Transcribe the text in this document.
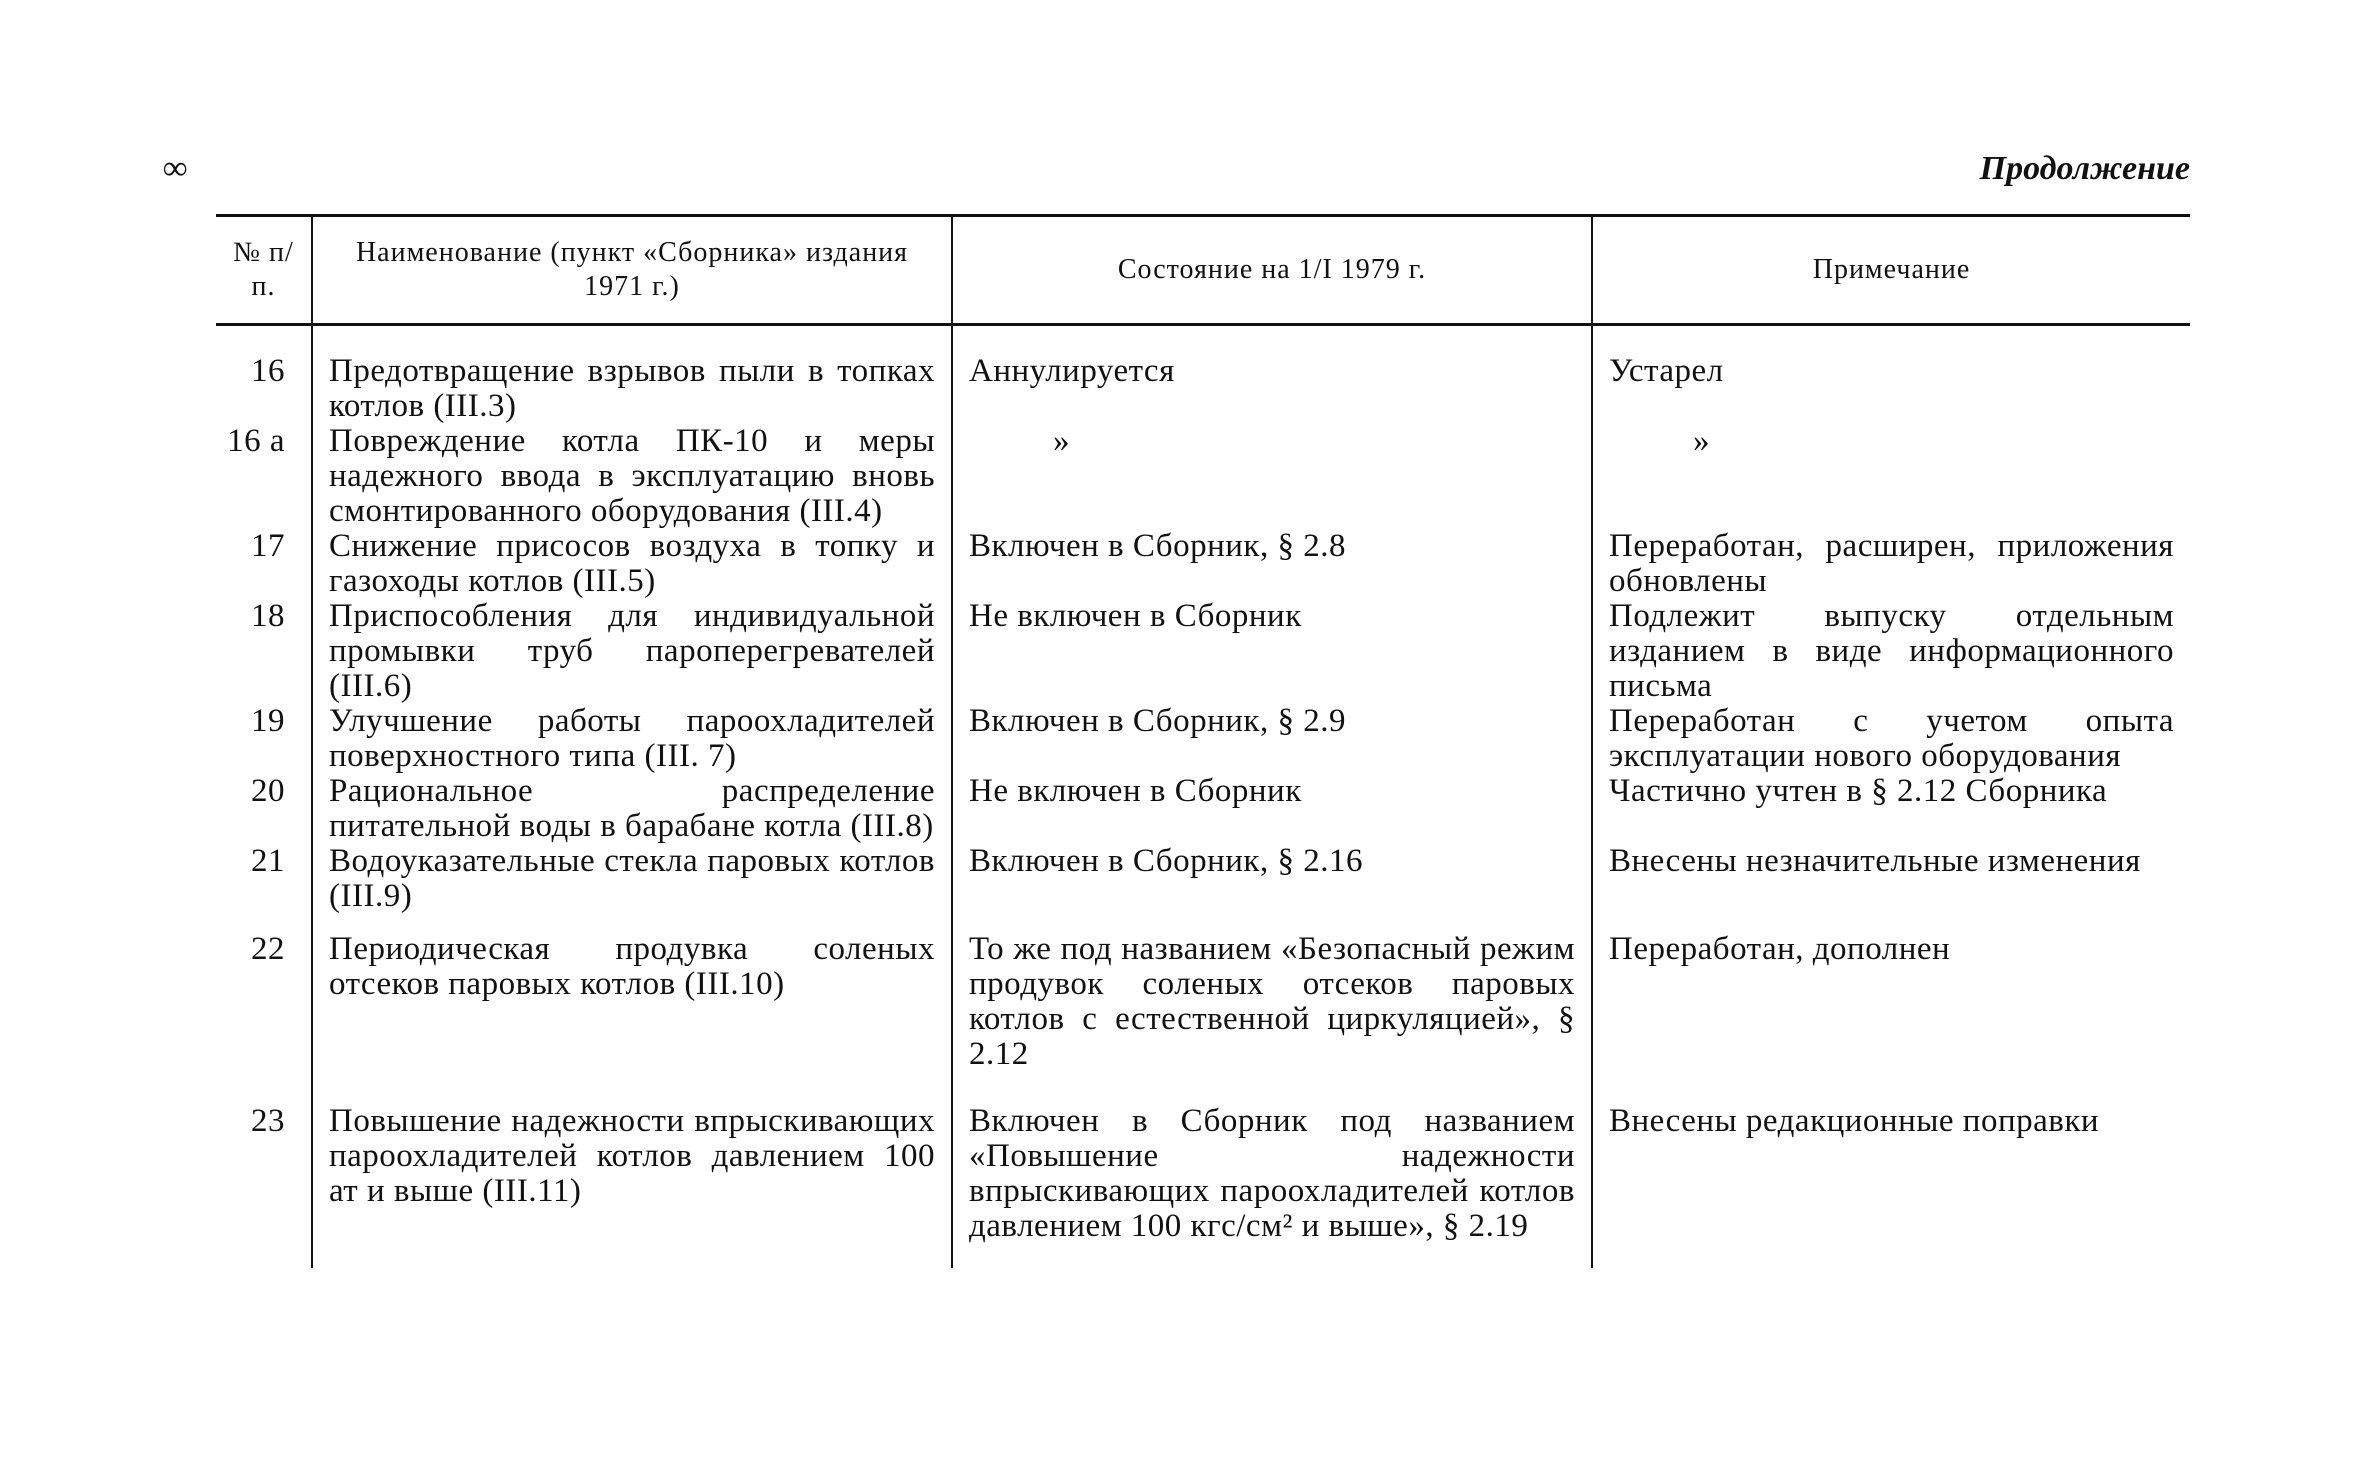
∞	Продолжение
№ п/п.	Наименование (пункт «Сборника» издания 1971 г.)	Состояние на 1/I 1979 г.	Примечание
16	Предотвращение взрывов пыли в топках котлов (III.3)	Аннулируется	Устарел
16 а	Повреждение котла ПК-10 и меры надежного ввода в эксплуатацию вновь смонтированного оборудования (III.4)	»	»
17	Снижение присосов воздуха в топку и газоходы котлов (III.5)	Включен в Сборник, § 2.8	Переработан, расширен, приложения обновлены
18	Приспособления для индивидуальной промывки труб пароперегревателей (III.6)	Не включен в Сборник	Подлежит выпуску отдельным изданием в виде информационного письма
19	Улучшение работы пароохладителей поверхностного типа (III. 7)	Включен в Сборник, § 2.9	Переработан с учетом опыта эксплуатации нового оборудования
20	Рациональное распределение питательной воды в барабане котла (III.8)	Не включен в Сборник	Частично учтен в § 2.12 Сборника
21	Водоуказательные стекла паровых котлов (III.9)	Включен в Сборник, § 2.16	Внесены незначительные изменения
22	Периодическая продувка соленых отсеков паровых котлов (III.10)	То же под названием «Безопасный режим продувок соленых отсеков паровых котлов с естественной циркуляцией», § 2.12	Переработан, дополнен
23	Повышение надежности впрыскивающих пароохладителей котлов давлением 100 ат и выше (III.11)	Включен в Сборник под названием «Повышение надежности впрыскивающих пароохладителей котлов давлением 100 кгс/см² и выше», § 2.19	Внесены редакционные поправки
